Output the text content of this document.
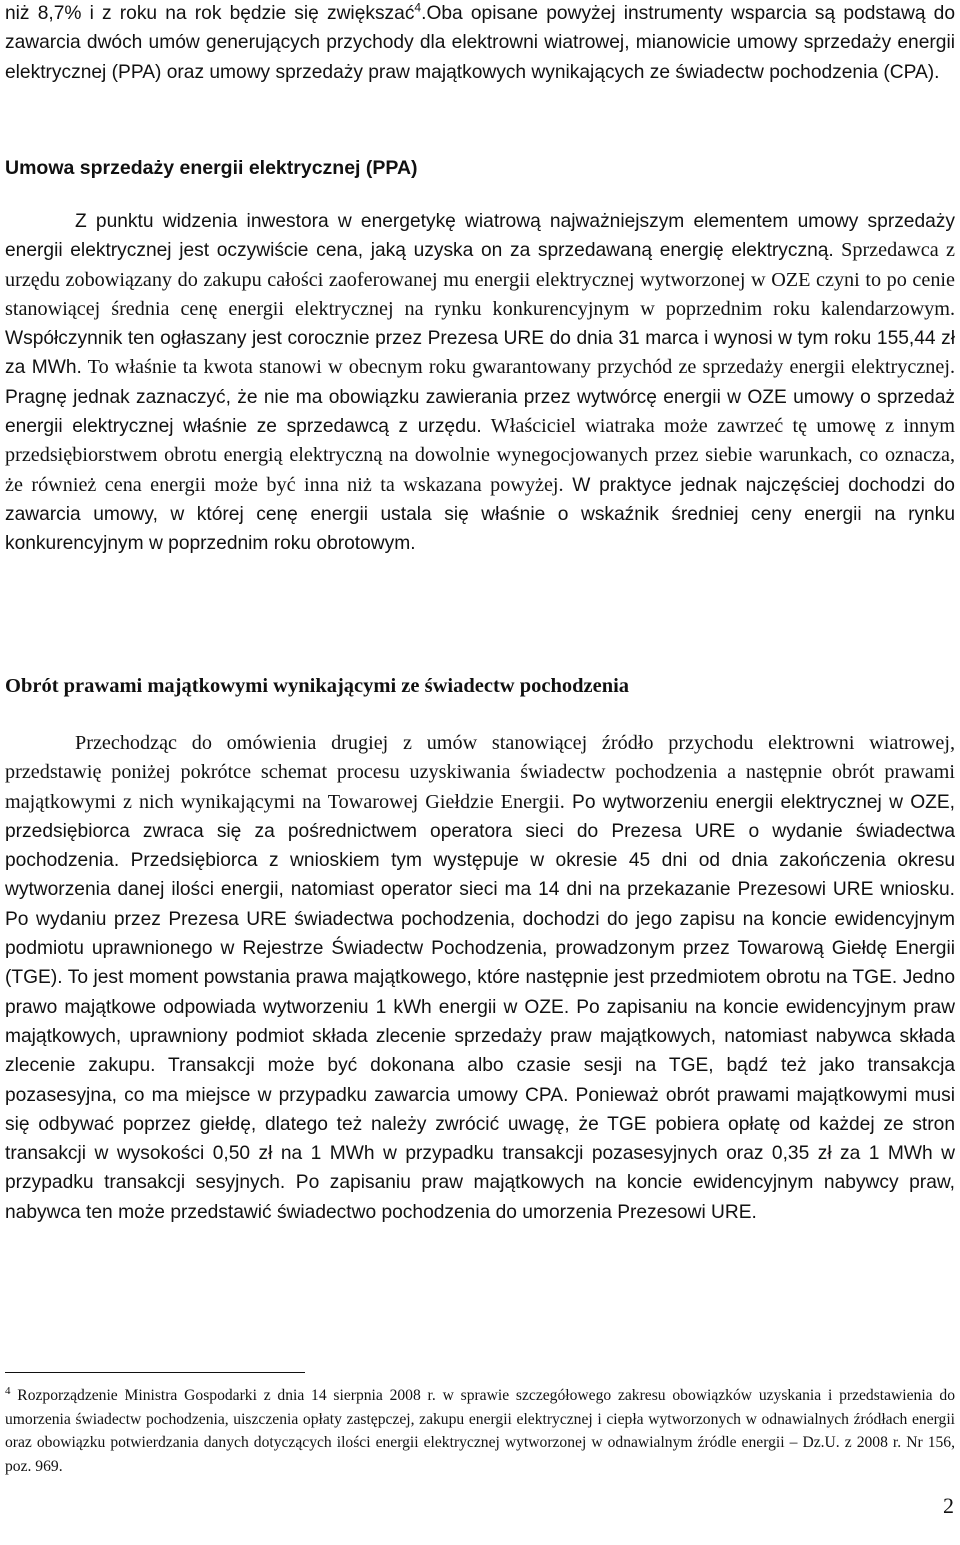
niż 8,7% i z roku na rok będzie się zwiększać$^4$.Oba opisane powyżej instrumenty wsparcia są podstawą do zawarcia dwóch umów generujących przychody dla elektrowni wiatrowej, mianowicie umowy sprzedaży energii elektrycznej (PPA) oraz umowy sprzedaży praw majątkowych wynikających ze świadectw pochodzenia (CPA).

Umowa sprzedaży energii elektrycznej (PPA)

Z punktu widzenia inwestora w energetykę wiatrową najważniejszym elementem umowy sprzedaży energii elektrycznej jest oczywiście cena, jaką uzyska on za sprzedawaną energię elektryczną. Sprzedawca z urzędu zobowiązany do zakupu całości zaoferowanej mu energii elektrycznej wytworzonej w OZE czyni to po cenie stanowiącej średnia cenę energii elektrycznej na rynku konkurencyjnym w poprzednim roku kalendarzowym. Współczynnik ten ogłaszany jest corocznie przez Prezesa URE do dnia 31 marca i wynosi w tym roku 155,44 zł za MWh. To właśnie ta kwota stanowi w obecnym roku gwarantowany przychód ze sprzedaży energii elektrycznej. Pragnę jednak zaznaczyć, że nie ma obowiązku zawierania przez wytwórcę energii w OZE umowy o sprzedaż energii elektrycznej właśnie ze sprzedawcą z urzędu. Właściciel wiatraka może zawrzeć tę umowę z innym przedsiębiorstwem obrotu energią elektryczną na dowolnie wynegocjowanych przez siebie warunkach, co oznacza, że również cena energii może być inna niż ta wskazana powyżej. W praktyce jednak najczęściej dochodzi do zawarcia umowy, w której cenę energii ustala się właśnie o wskaźnik średniej ceny energii na rynku konkurencyjnym w poprzednim roku obrotowym.

Obrót prawami majątkowymi wynikającymi ze świadectw pochodzenia

Przechodząc do omówienia drugiej z umów stanowiącej źródło przychodu elektrowni wiatrowej, przedstawię poniżej pokrótce schemat procesu uzyskiwania świadectw pochodzenia a następnie obrót prawami majątkowymi z nich wynikającymi na Towarowej Giełdzie Energii. Po wytworzeniu energii elektrycznej w OZE, przedsiębiorca zwraca się za pośrednictwem operatora sieci do Prezesa URE o wydanie świadectwa pochodzenia. Przedsiębiorca z wnioskiem tym występuje w okresie 45 dni od dnia zakończenia okresu wytworzenia danej ilości energii, natomiast operator sieci ma 14 dni na przekazanie Prezesowi URE wniosku. Po wydaniu przez Prezesa URE świadectwa pochodzenia, dochodzi do jego zapisu na koncie ewidencyjnym podmiotu uprawnionego w Rejestrze Świadectw Pochodzenia, prowadzonym przez Towarową Giełdę Energii (TGE). To jest moment powstania prawa majątkowego, które następnie jest przedmiotem obrotu na TGE. Jedno prawo majątkowe odpowiada wytworzeniu 1 kWh energii w OZE. Po zapisaniu na koncie ewidencyjnym praw majątkowych, uprawniony podmiot składa zlecenie sprzedaży praw majątkowych, natomiast nabywca składa zlecenie zakupu. Transakcji może być dokonana albo czasie sesji na TGE, bądź też jako transakcja pozasesyjna, co ma miejsce w przypadku zawarcia umowy CPA. Ponieważ obrót prawami majątkowymi musi się odbywać poprzez giełdę, dlatego też należy zwrócić uwagę, że TGE pobiera opłatę od każdej ze stron transakcji w wysokości 0,50 zł na 1 MWh w przypadku transakcji pozasesyjnych oraz 0,35 zł za 1 MWh w przypadku transakcji sesyjnych. Po zapisaniu praw majątkowych na koncie ewidencyjnym nabywcy praw, nabywca ten może przedstawić świadectwo pochodzenia do umorzenia Prezesowi URE.

$^4$ Rozporządzenie Ministra Gospodarki z dnia 14 sierpnia 2008 r. w sprawie szczegółowego zakresu obowiązków uzyskania i przedstawienia do umorzenia świadectw pochodzenia, uiszczenia opłaty zastępczej, zakupu energii elektrycznej i ciepła wytworzonych w odnawialnych źródłach energii oraz obowiązku potwierdzania danych dotyczących ilości energii elektrycznej wytworzonej w odnawialnym źródle energii – Dz.U. z 2008 r. Nr 156, poz. 969.

2
